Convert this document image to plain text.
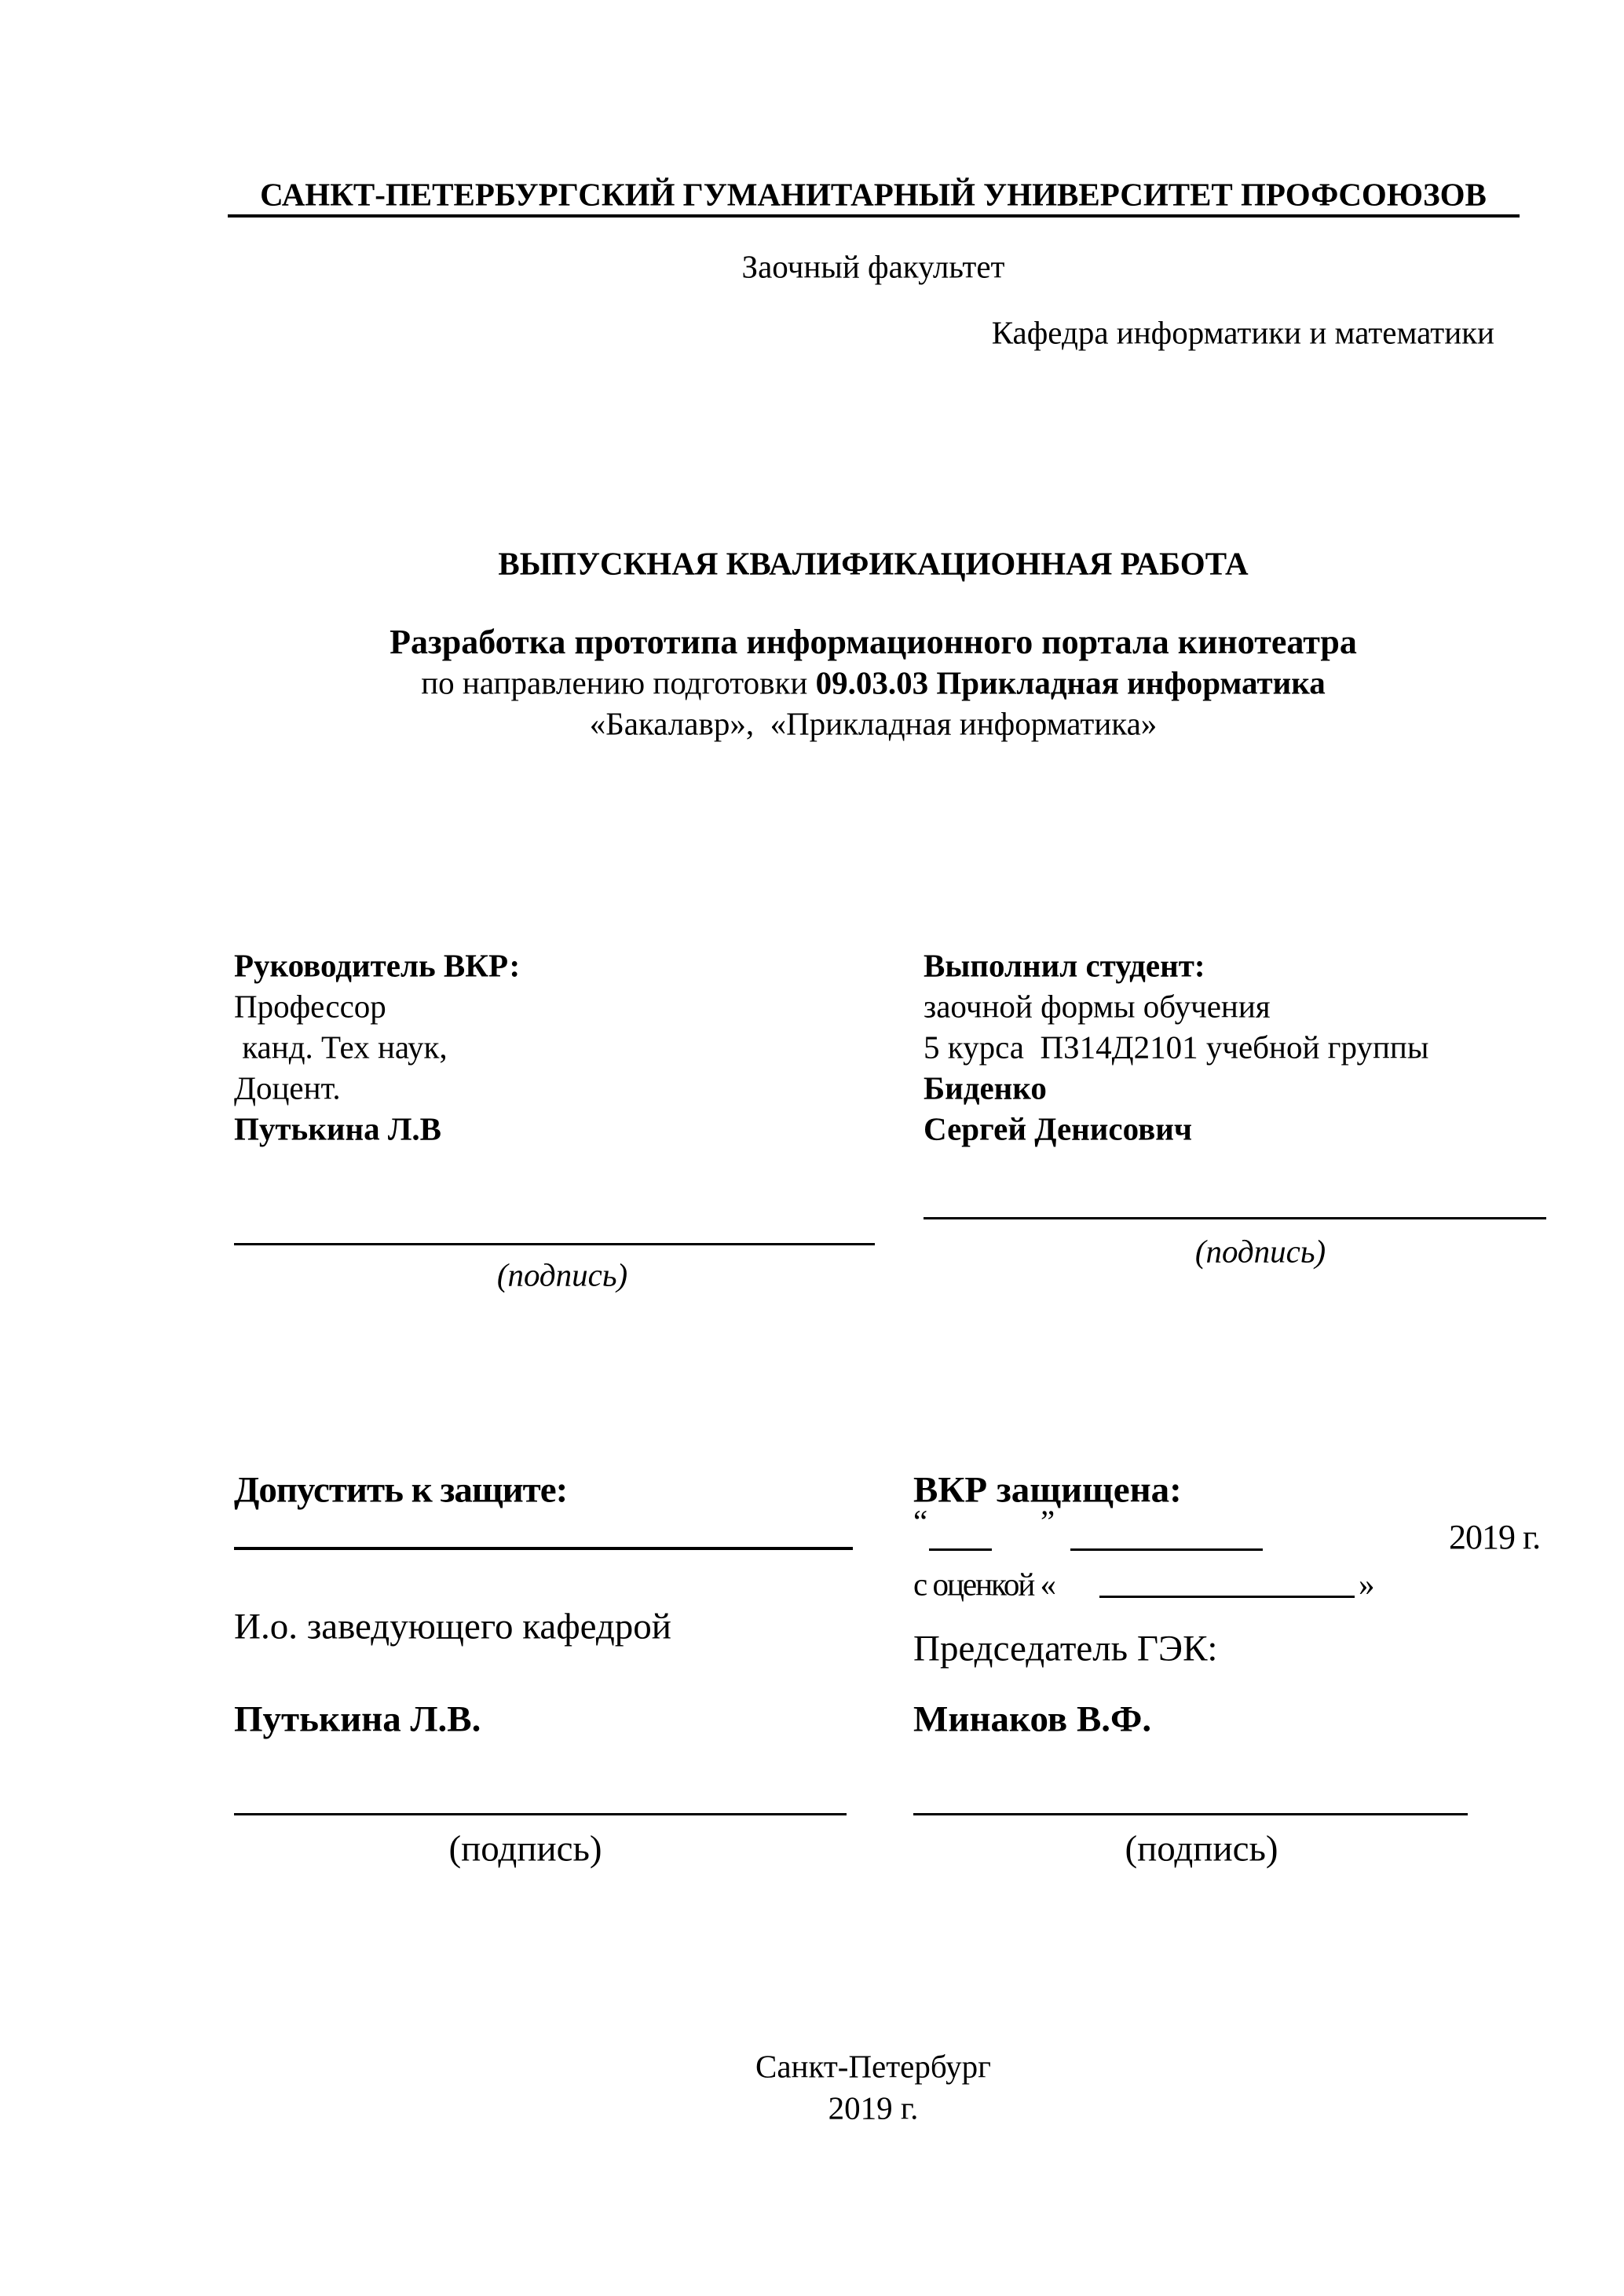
САНКТ-ПЕТЕРБУРГСКИЙ ГУМАНИТАРНЫЙ УНИВЕРСИТЕТ ПРОФСОЮЗОВ
Заочный факультет
Кафедра информатики и математики
ВЫПУСКНАЯ КВАЛИФИКАЦИОННАЯ РАБОТА
Разработка прототипа информационного портала кинотеатра
по направлению подготовки 09.03.03 Прикладная информатика
«Бакалавр»,  «Прикладная информатика»
Руководитель ВКР:
Профессор
канд. Тех наук,
Доцент.
Путькина Л.В
(подпись)
Выполнил студент:
заочной формы обучения
5 курса  ПЗ14Д2101 учебной группы
Биденко
Сергей Денисович
(подпись)
Допустить к защите:
И.о. заведующего кафедрой
Путькина Л.В.
(подпись)
ВКР защищена:
“	”	2019 г.
с оценкой «	»
Председатель ГЭК:
Минаков В.Ф.
(подпись)
Санкт-Петербург
2019 г.
